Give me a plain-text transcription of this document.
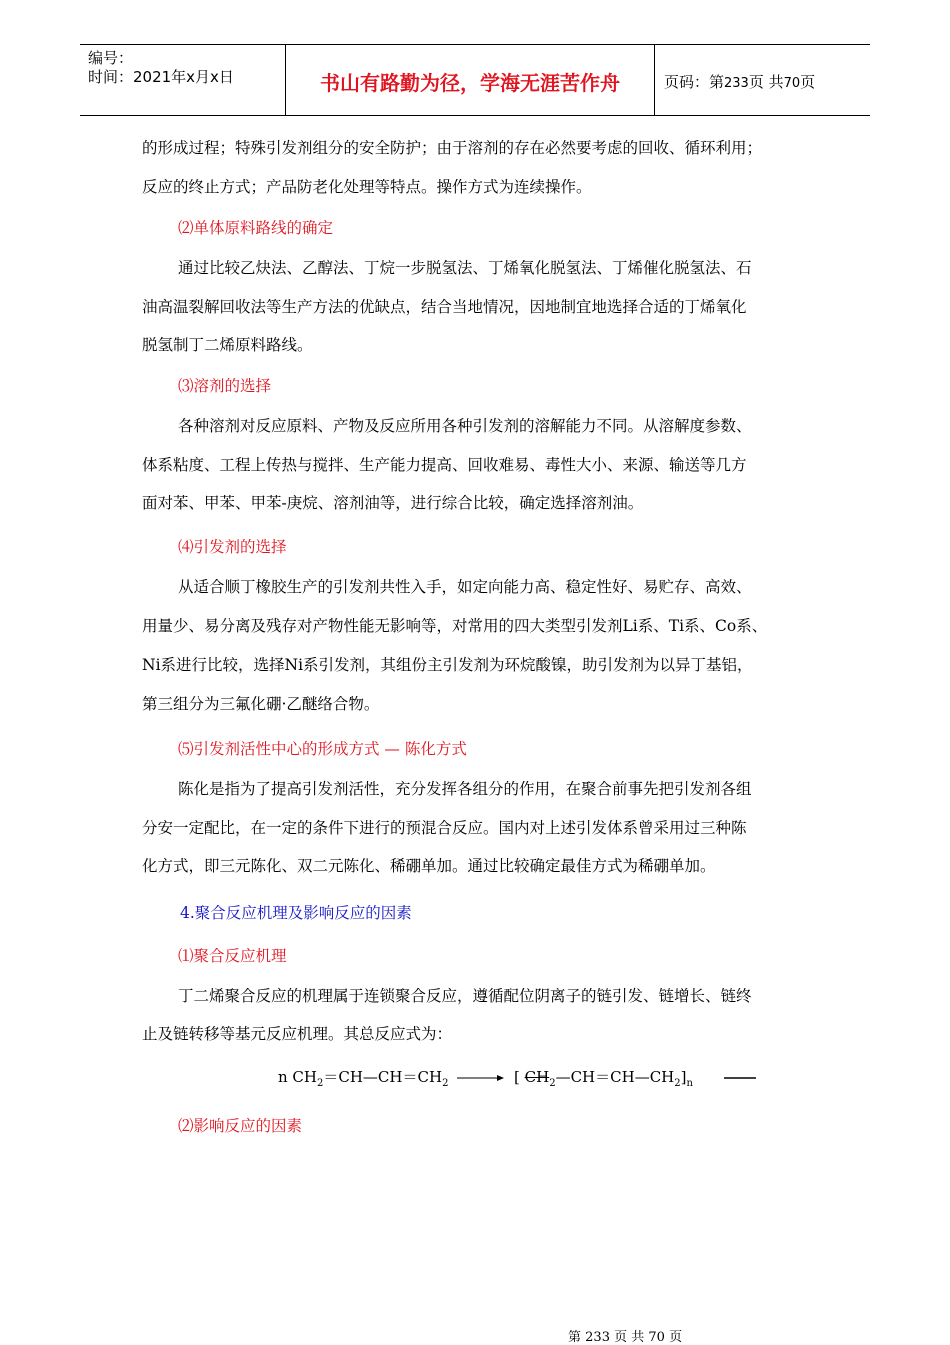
编号：
时间：2021年x月x日	书山有路勤为径，学海无涯苦作舟	页码：第233页 共70页
的形成过程；特殊引发剂组分的安全防护；由于溶剂的存在必然要考虑的回收、循环利用；
反应的终止方式；产品防老化处理等特点。操作方式为连续操作。
⑵单体原料路线的确定
通过比较乙炔法、乙醇法、丁烷一步脱氢法、丁烯氧化脱氢法、丁烯催化脱氢法、石
油高温裂解回收法等生产方法的优缺点，结合当地情况，因地制宜地选择合适的丁烯氧化
脱氢制丁二烯原料路线。
⑶溶剂的选择
各种溶剂对反应原料、产物及反应所用各种引发剂的溶解能力不同。从溶解度参数、
体系粘度、工程上传热与搅拌、生产能力提高、回收难易、毒性大小、来源、输送等几方
面对苯、甲苯、甲苯-庚烷、溶剂油等，进行综合比较，确定选择溶剂油。
⑷引发剂的选择
从适合顺丁橡胶生产的引发剂共性入手，如定向能力高、稳定性好、易贮存、高效、
用量少、易分离及残存对产物性能无影响等，对常用的四大类型引发剂Li系、Ti系、Co系、
Ni系进行比较，选择Ni系引发剂，其组份主引发剂为环烷酸镍，助引发剂为以异丁基铝，
第三组分为三氟化硼·乙醚络合物。
⑸引发剂活性中心的形成方式 — 陈化方式
陈化是指为了提高引发剂活性，充分发挥各组分的作用，在聚合前事先把引发剂各组
分安一定配比，在一定的条件下进行的预混合反应。国内对上述引发体系曾采用过三种陈
化方式，即三元陈化、双二元陈化、稀硼单加。通过比较确定最佳方式为稀硼单加。
4.聚合反应机理及影响反应的因素
⑴聚合反应机理
丁二烯聚合反应的机理属于连锁聚合反应，遵循配位阴离子的链引发、链增长、链终
止及链转移等基元反应机理。其总反应式为：
n $CH_2=CH—CH=CH_2$ → [ $CH_2—CH=CH—CH_2]_n$
⑵影响反应的因素
第 233 页 共 70 页
